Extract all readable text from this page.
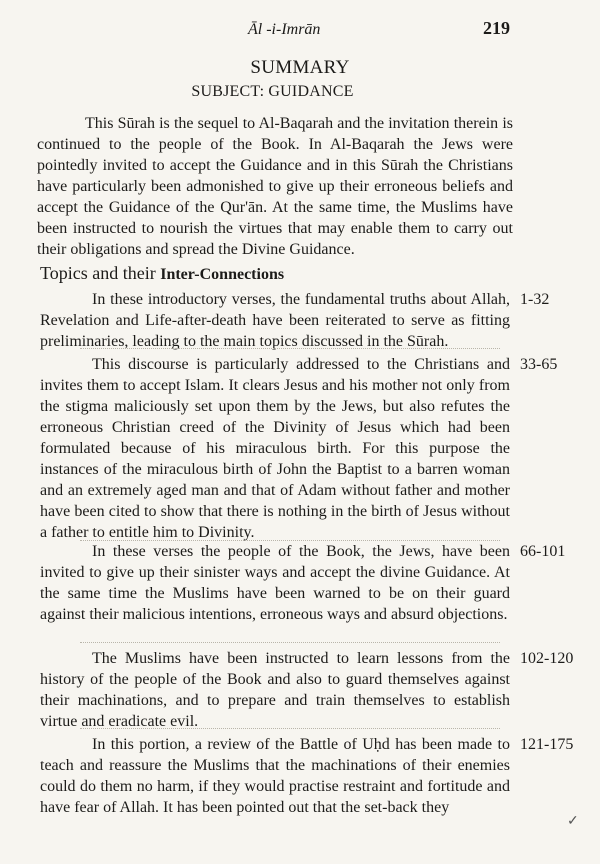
Āl -i-Imrān	219
SUMMARY
SUBJECT: GUIDANCE

This Sūrah is the sequel to Al-Baqarah and the invitation therein is continued to the people of the Book. In Al-Baqarah the Jews were pointedly invited to accept the Guidance and in this Sūrah the Christians have particularly been admonished to give up their erroneous beliefs and accept the Guidance of the Qur'ān. At the same time, the Muslims have been instructed to nourish the virtues that may enable them to carry out their obligations and spread the Divine Guidance.

Topics and their Inter-Connections

In these introductory verses, the fundamental truths about Allah, Revelation and Life-after-death have been reiterated to serve as fitting preliminaries, leading to the main topics discussed in the Sūrah.

1-32

This discourse is particularly addressed to the Christians and invites them to accept Islam. It clears Jesus and his mother not only from the stigma maliciously set upon them by the Jews, but also refutes the erroneous Christian creed of the Divinity of Jesus which had been formulated because of his miraculous birth. For this purpose the instances of the miraculous birth of John the Baptist to a barren woman and an extremely aged man and that of Adam without father and mother have been cited to show that there is nothing in the birth of Jesus without a father to entitle him to Divinity.

33-65

In these verses the people of the Book, the Jews, have been invited to give up their sinister ways and accept the divine Guidance. At the same time the Muslims have been warned to be on their guard against their malicious intentions, erroneous ways and absurd objections.

66-101

The Muslims have been instructed to learn lessons from the history of the people of the Book and also to guard themselves against their machinations, and to prepare and train themselves to establish virtue and eradicate evil.

102-120

In this portion, a review of the Battle of Uḥd has been made to teach and reassure the Muslims that the machinations of their enemies could do them no harm, if they would practise restraint and fortitude and have fear of Allah. It has been pointed out that the set-back they

121-175
✓
